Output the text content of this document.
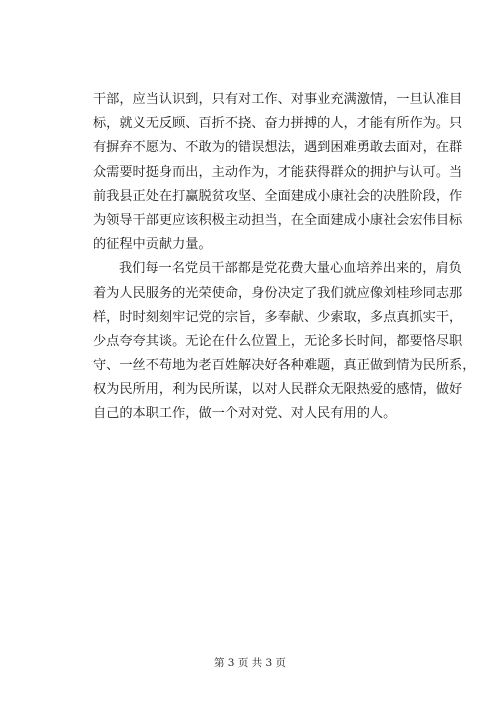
干部，应当认识到，只有对工作、对事业充满激情，一旦认准目
标，就义无反顾、百折不挠、奋力拼搏的人，才能有所作为。只
有摒弃不愿为、不敢为的错误想法，遇到困难勇敢去面对，在群
众需要时挺身而出，主动作为，才能获得群众的拥护与认可。当
前我县正处在打赢脱贫攻坚、全面建成小康社会的决胜阶段，作
为领导干部更应该积极主动担当，在全面建成小康社会宏伟目标
的征程中贡献力量。
我们每一名党员干部都是党花费大量心血培养出来的，肩负
着为人民服务的光荣使命，身份决定了我们就应像刘桂珍同志那
样，时时刻刻牢记党的宗旨，多奉献、少索取，多点真抓实干，
少点夸夸其谈。无论在什么位置上，无论多长时间，都要恪尽职
守、一丝不苟地为老百姓解决好各种难题，真正做到情为民所系，
权为民所用，利为民所谋，以对人民群众无限热爱的感情，做好
自己的本职工作，做一个对对党、对人民有用的人。
第 3 页 共 3 页
